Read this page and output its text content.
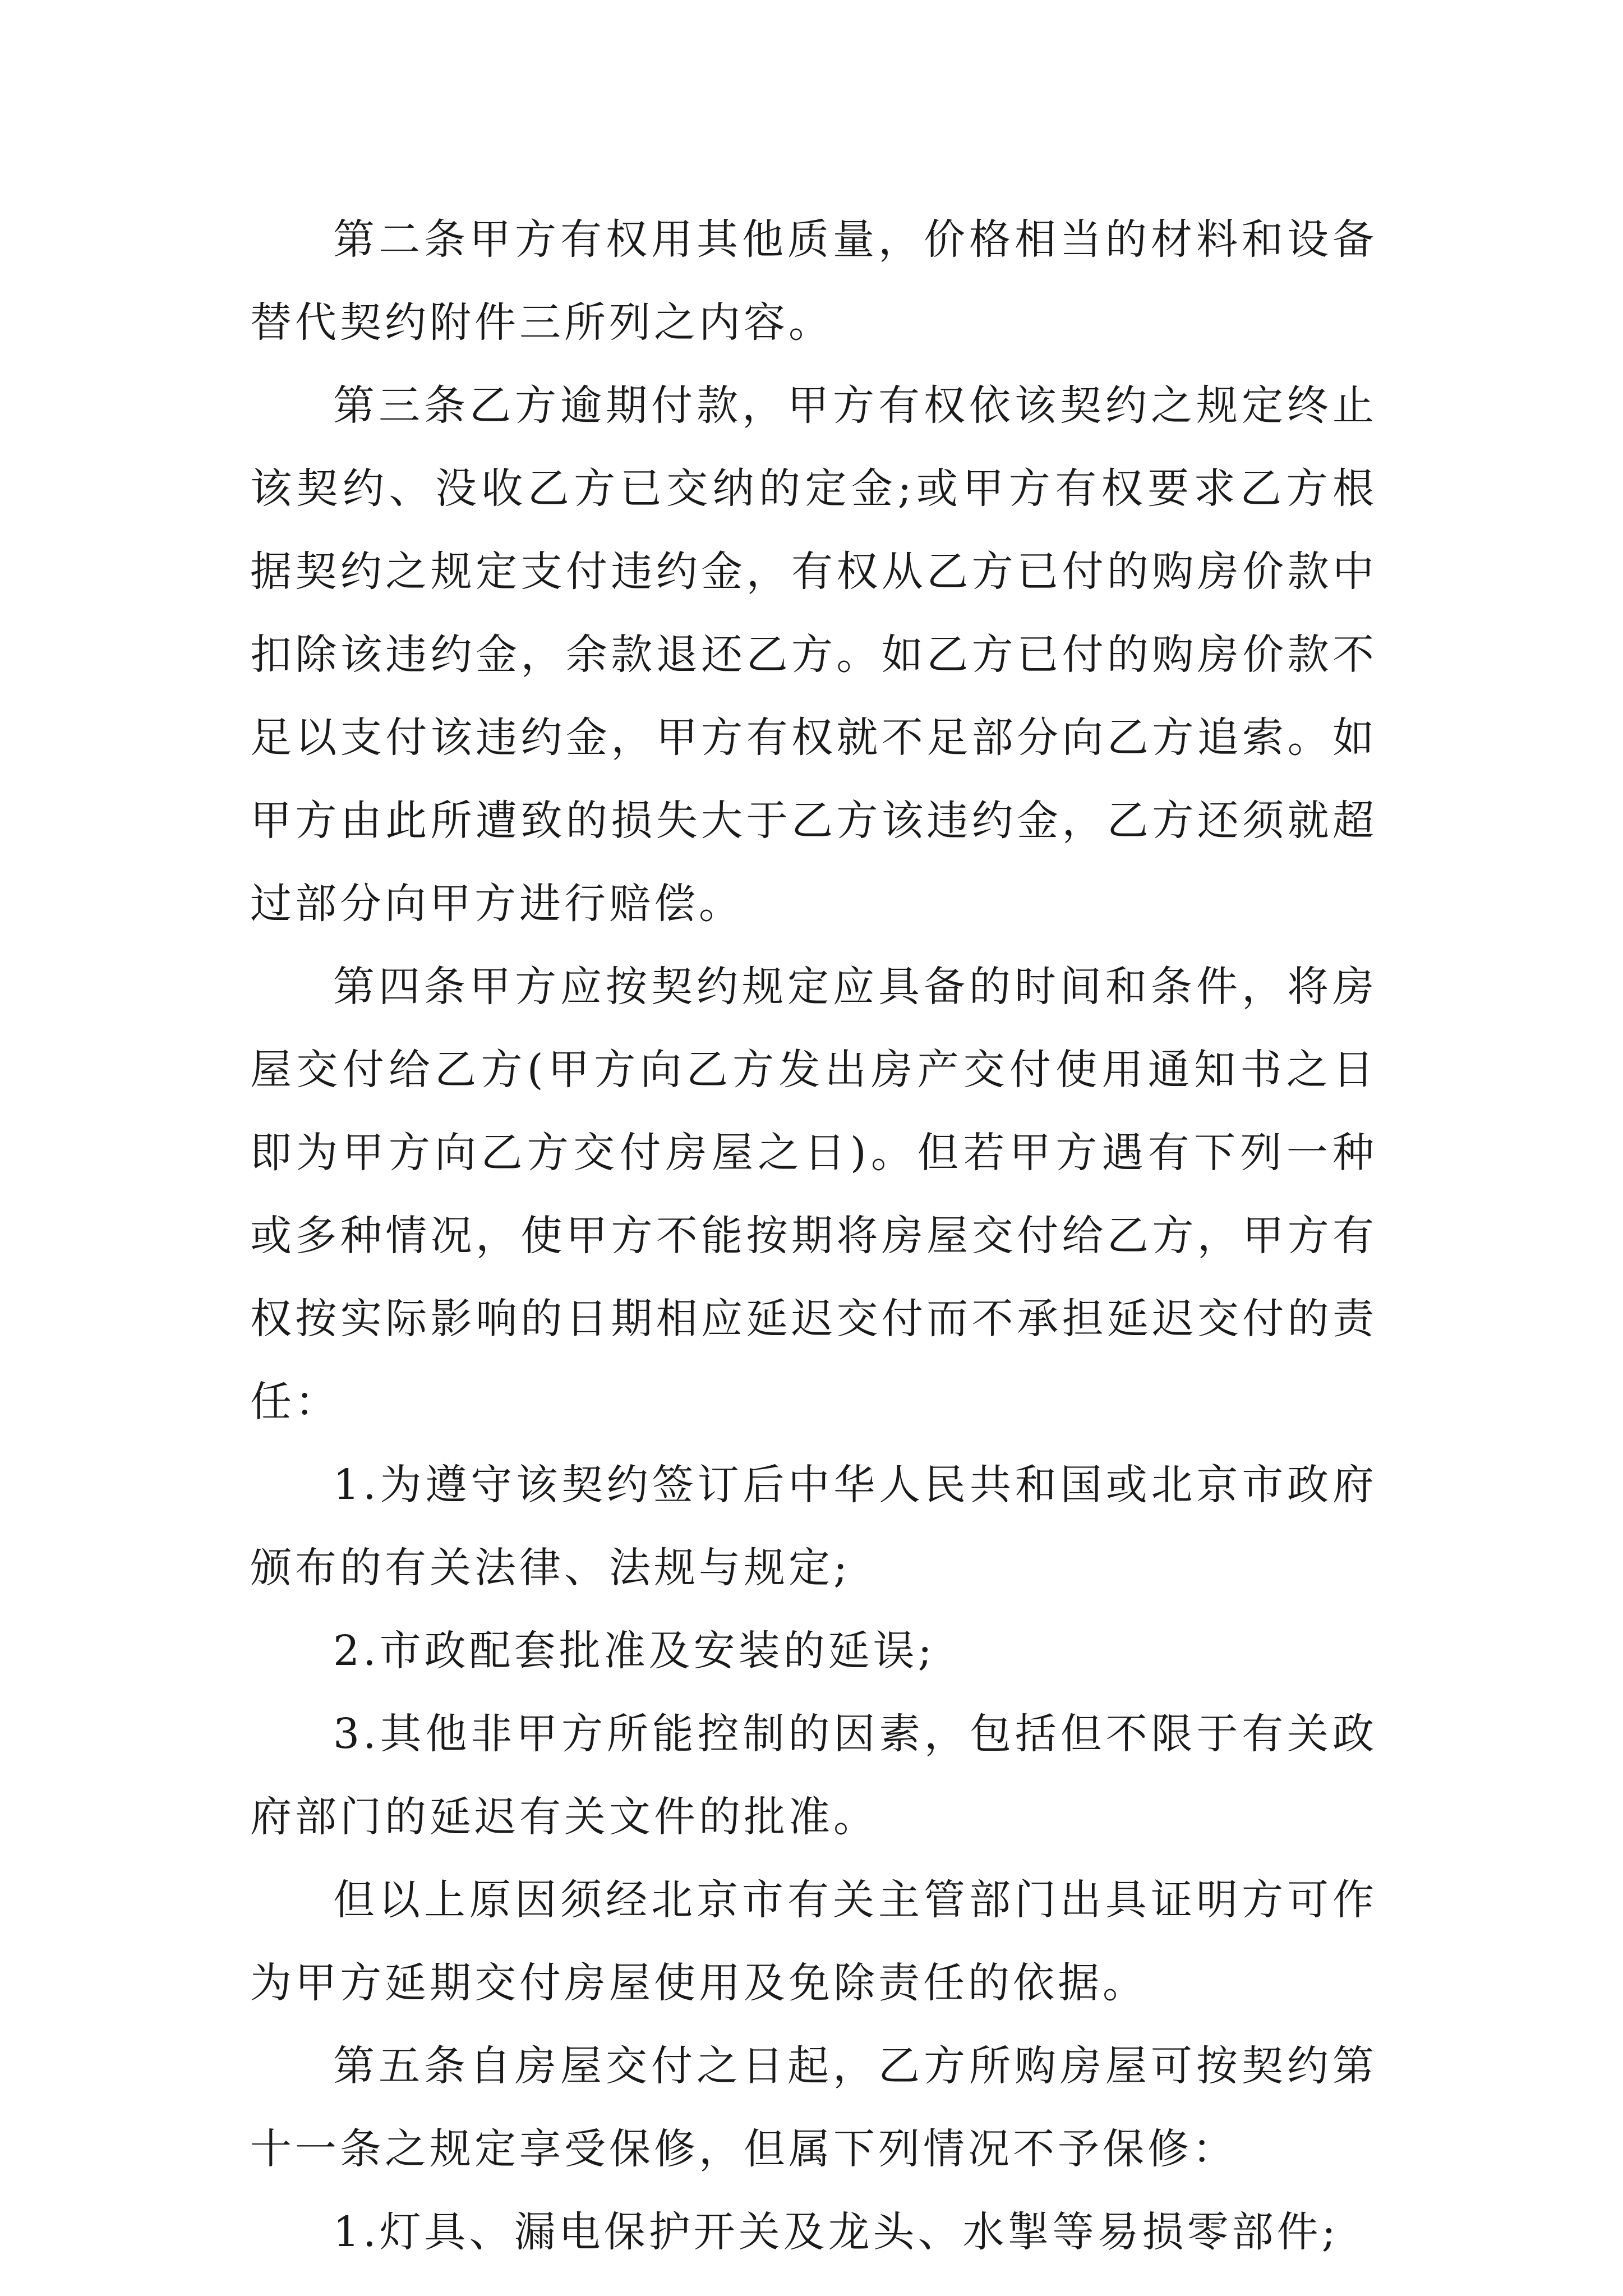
第二条甲方有权用其他质量，价格相当的材料和设备替代契约附件三所列之内容。

第三条乙方逾期付款，甲方有权依该契约之规定终止该契约、没收乙方已交纳的定金;或甲方有权要求乙方根据契约之规定支付违约金，有权从乙方已付的购房价款中扣除该违约金，余款退还乙方。如乙方已付的购房价款不足以支付该违约金，甲方有权就不足部分向乙方追索。如甲方由此所遭致的损失大于乙方该违约金，乙方还须就超过部分向甲方进行赔偿。

第四条甲方应按契约规定应具备的时间和条件，将房屋交付给乙方(甲方向乙方发出房产交付使用通知书之日即为甲方向乙方交付房屋之日)。但若甲方遇有下列一种或多种情况，使甲方不能按期将房屋交付给乙方，甲方有权按实际影响的日期相应延迟交付而不承担延迟交付的责任：

1.为遵守该契约签订后中华人民共和国或北京市政府颁布的有关法律、法规与规定;

2.市政配套批准及安装的延误;

3.其他非甲方所能控制的因素，包括但不限于有关政府部门的延迟有关文件的批准。

但以上原因须经北京市有关主管部门出具证明方可作为甲方延期交付房屋使用及免除责任的依据。

第五条自房屋交付之日起，乙方所购房屋可按契约第十一条之规定享受保修，但属下列情况不予保修：

1.灯具、漏电保护开关及龙头、水掣等易损零部件;
